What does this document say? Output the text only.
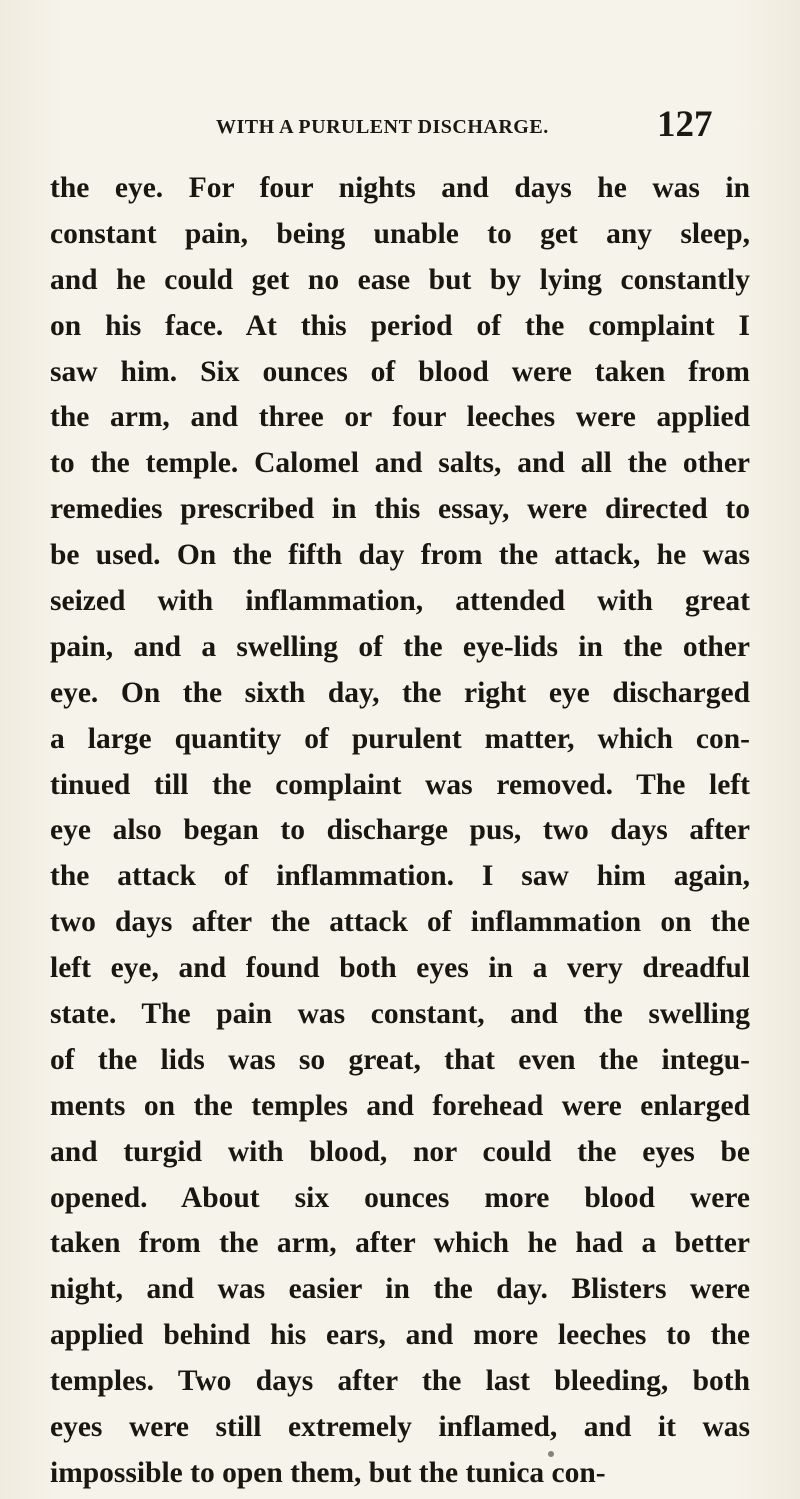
WITH A PURULENT DISCHARGE.	127
the eye. For four nights and days he was in
constant pain, being unable to get any sleep,
and he could get no ease but by lying constantly
on his face. At this period of the complaint I
saw him. Six ounces of blood were taken from
the arm, and three or four leeches were applied
to the temple. Calomel and salts, and all the other
remedies prescribed in this essay, were directed to
be used. On the fifth day from the attack, he was
seized with inflammation, attended with great
pain, and a swelling of the eye-lids in the other
eye. On the sixth day, the right eye discharged
a large quantity of purulent matter, which con-
tinued till the complaint was removed. The left
eye also began to discharge pus, two days after
the attack of inflammation. I saw him again,
two days after the attack of inflammation on the
left eye, and found both eyes in a very dreadful
state. The pain was constant, and the swelling
of the lids was so great, that even the integu-
ments on the temples and forehead were enlarged
and turgid with blood, nor could the eyes be
opened. About six ounces more blood were
taken from the arm, after which he had a better
night, and was easier in the day. Blisters were
applied behind his ears, and more leeches to the
temples. Two days after the last bleeding, both
eyes were still extremely inflamed, and it was
impossible to open them, but the tunica con-
